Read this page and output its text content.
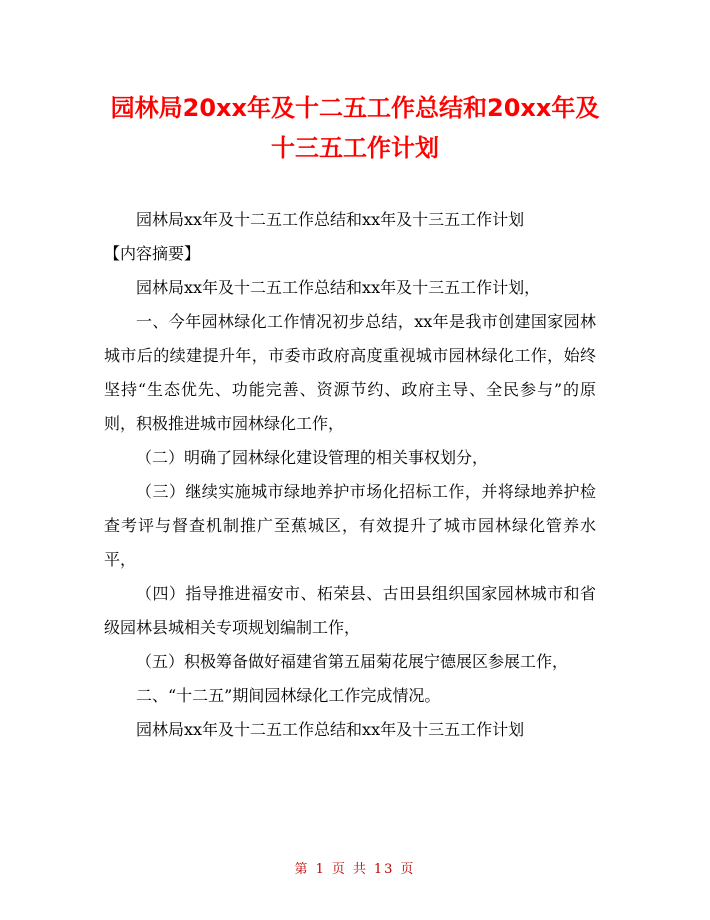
园林局20xx年及十二五工作总结和20xx年及
十三五工作计划

园林局xx年及十二五工作总结和xx年及十三五工作计划

【内容摘要】

园林局xx年及十二五工作总结和xx年及十三五工作计划，

一、今年园林绿化工作情况初步总结，xx年是我市创建国家园林城市后的续建提升年，市委市政府高度重视城市园林绿化工作，始终坚持“生态优先、功能完善、资源节约、政府主导、全民参与”的原则，积极推进城市园林绿化工作，

（二）明确了园林绿化建设管理的相关事权划分，

（三）继续实施城市绿地养护市场化招标工作，并将绿地养护检查考评与督查机制推广至蕉城区，有效提升了城市园林绿化管养水平，

（四）指导推进福安市、柘荣县、古田县组织国家园林城市和省级园林县城相关专项规划编制工作，

（五）积极筹备做好福建省第五届菊花展宁德展区参展工作，

二、“十二五”期间园林绿化工作完成情况。

园林局xx年及十二五工作总结和xx年及十三五工作计划

第 1 页 共 13 页
